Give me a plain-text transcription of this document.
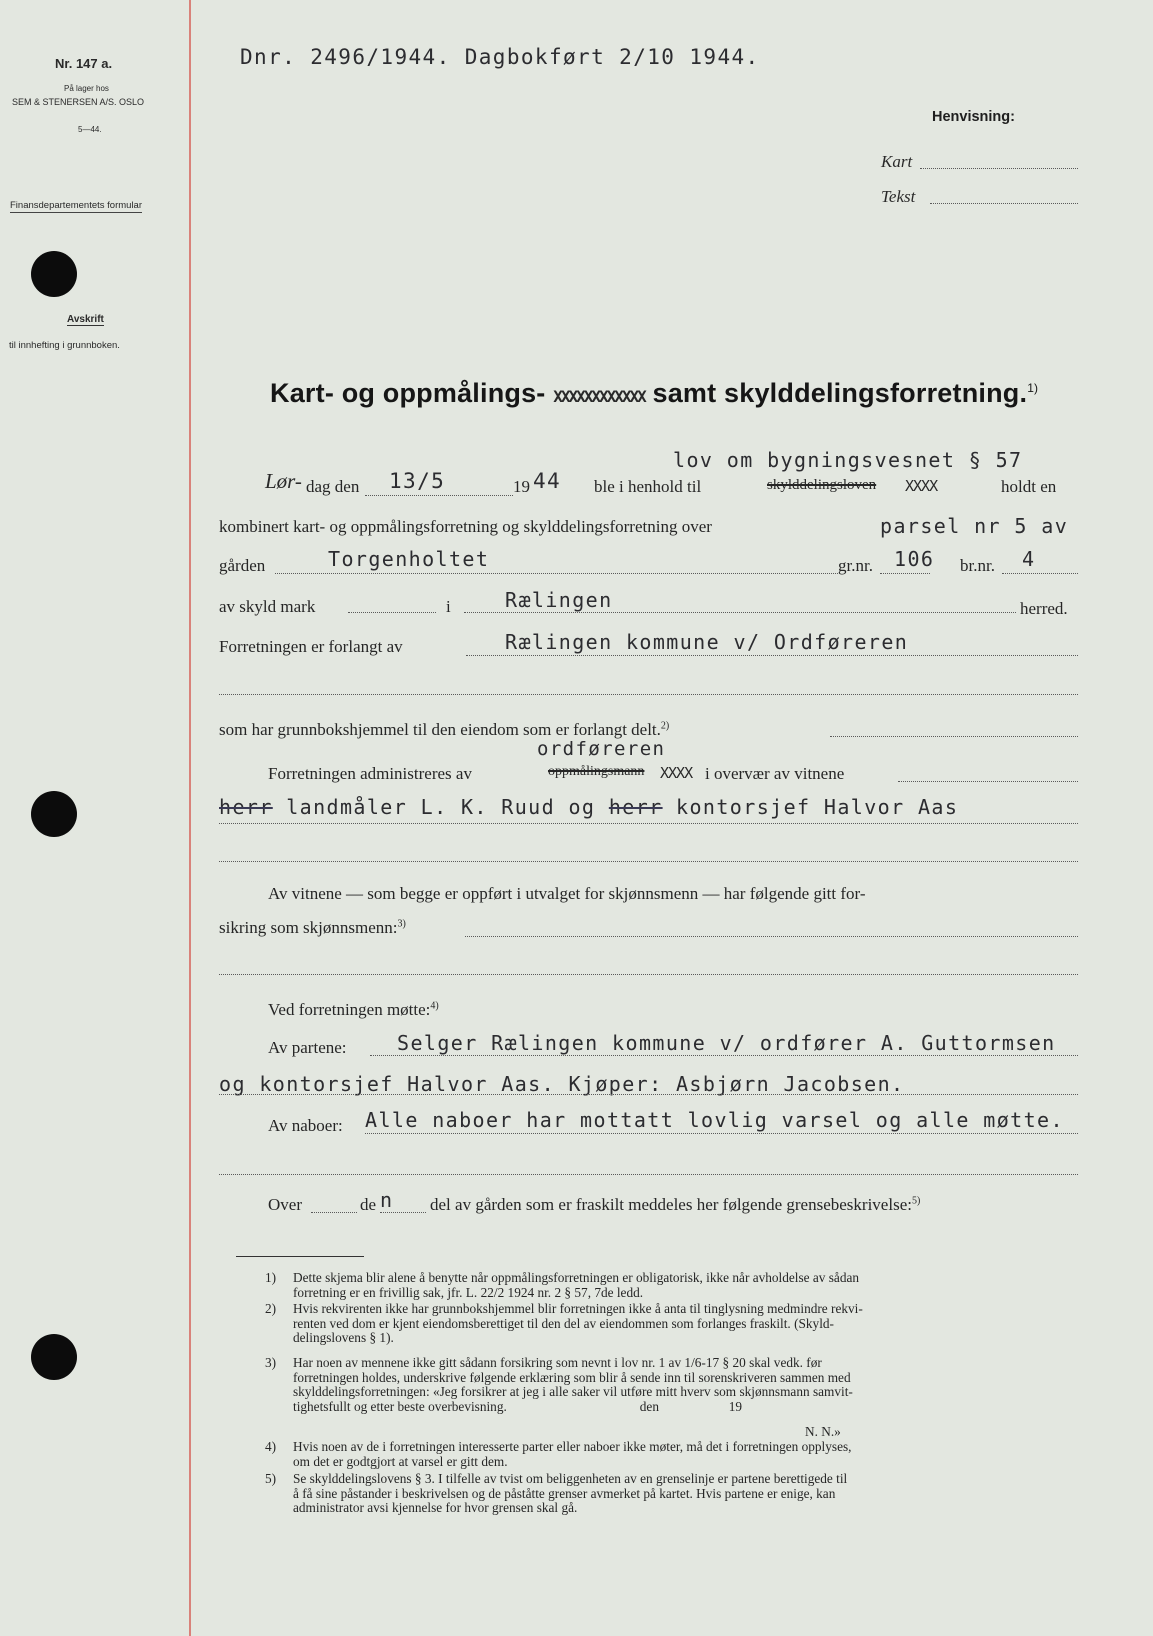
Nr. 147 a.
På lager hos
SEM & STENERSEN A/S. OSLO
5—44.
Finansdepartementets formular
Avskrift
til innhefting i grunnboken.
Dnr. 2496/1944. Dagbokført 2/10 1944.
Henvisning:
Kart
Tekst
Kart- og oppmålings- XXXXXXXXXXXX samt skylddelingsforretning.$^{1)}$
lov om bygningsvesnet § 57
Lør- dag den 13/5	19 44 ble i henhold til	skylddelingsloven XXXX	holdt en
kombinert kart- og oppmålingsforretning og skylddelingsforretning over	parsel nr 5 av
gården	Torgenholtet	gr.nr. 106 br.nr. 4
av skyld mark	i	Rælingen	herred.
Forretningen er forlangt av	Rælingen kommune v/ Ordføreren
som har grunnbokshjemmel til den eiendom som er forlangt delt.$^{2)}$
ordføreren
Forretningen administreres av	oppmålingsmann XXXX i overvær av vitnene
herr landmåler L. K. Ruud og herr kontorsjef Halvor Aas
Av vitnene — som begge er oppført i utvalget for skjønnsmenn — har følgende gitt for-
sikring som skjønnsmenn:$^{3)}$
Ved forretningen møtte:$^{4)}$
Av partene:	Selger Rælingen kommune v/ ordfører A. Guttormsen
og kontorsjef Halvor Aas. Kjøper: Asbjørn Jacobsen.
Av naboer: Alle naboer har mottatt lovlig varsel og alle møtte.
Over	de n del av gården som er fraskilt meddeles her følgende grensebeskrivelse:$^{5)}$
1) Dette skjema blir alene å benytte når oppmålingsforretningen er obligatorisk, ikke når avholdelse av sådan
forretning er en frivillig sak, jfr. L. 22/2 1924 nr. 2 § 57, 7de ledd.
2) Hvis rekvirenten ikke har grunnbokshjemmel blir forretningen ikke å anta til tinglysning medmindre rekvi-
renten ved dom er kjent eiendomsberettiget til den del av eiendommen som forlanges fraskilt. (Skyld-
delingslovens § 1).
3) Har noen av mennene ikke gitt sådann forsikring som nevnt i lov nr. 1 av 1/6-17 § 20 skal vedk. før
forretningen holdes, underskrive følgende erklæring som blir å sende inn til sorenskriveren sammen med
skylddelingsforretningen: «Jeg forsikrer at jeg i alle saker vil utføre mitt hverv som skjønnsmann samvit-
tighetsfullt og etter beste overbevisning.                                        den                     19
N. N.»
4) Hvis noen av de i forretningen interesserte parter eller naboer ikke møter, må det i forretningen opplyses,
om det er godtgjort at varsel er gitt dem.
5) Se skylddelingslovens § 3. I tilfelle av tvist om beliggenheten av en grenselinje er partene berettigede til
å få sine påstander i beskrivelsen og de påståtte grenser avmerket på kartet. Hvis partene er enige, kan
administrator avsi kjennelse for hvor grensen skal gå.
